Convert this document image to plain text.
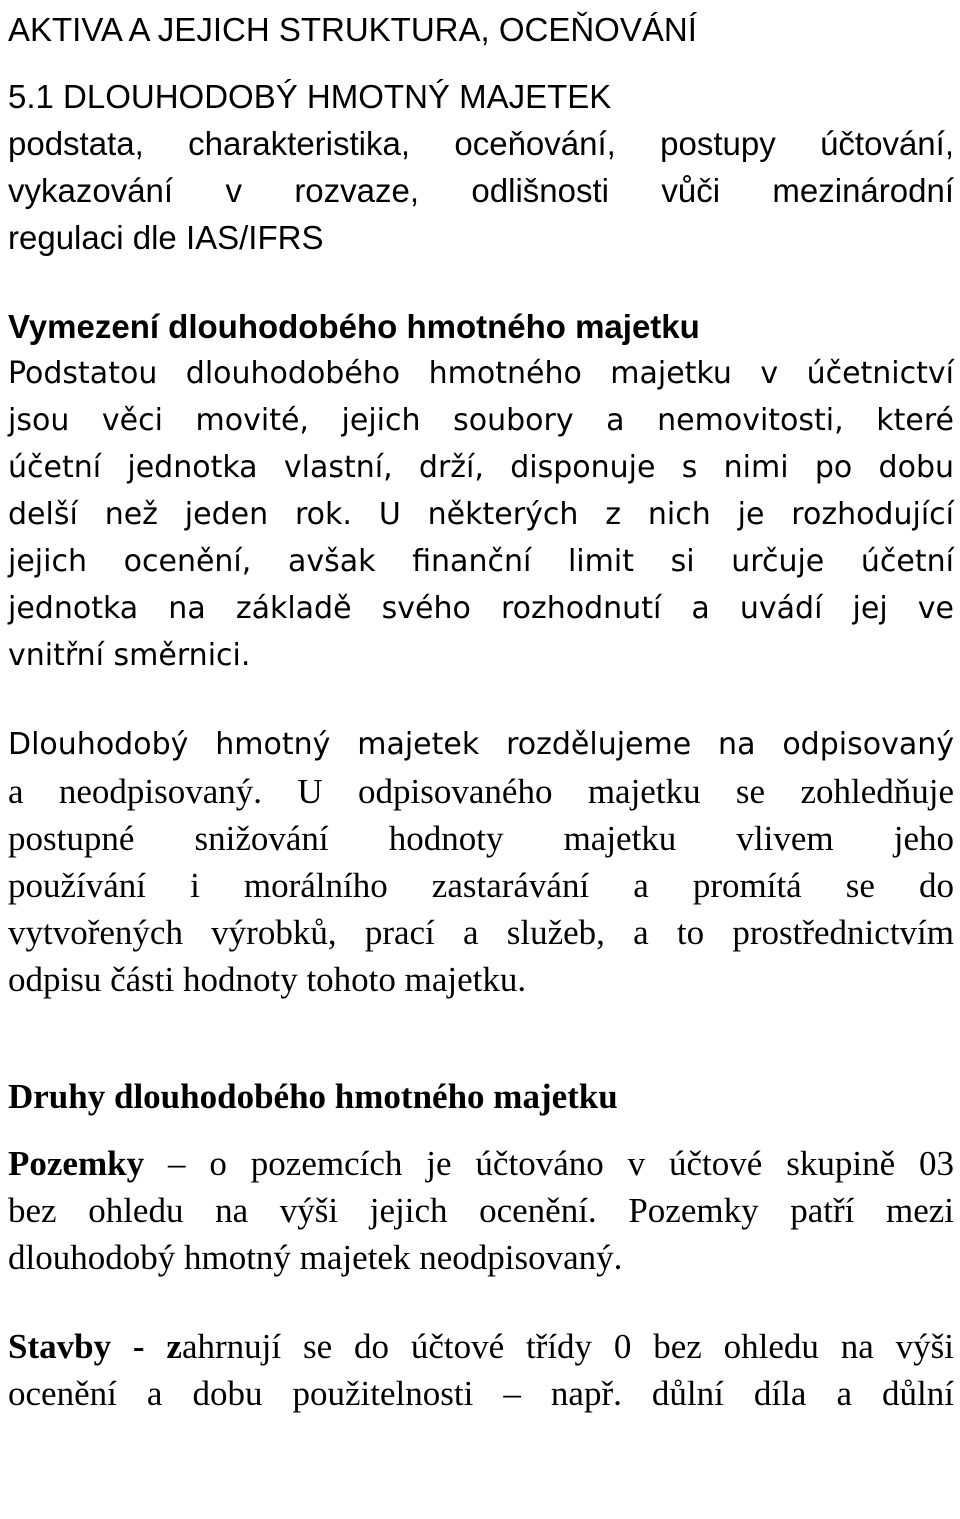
AKTIVA A JEJICH STRUKTURA, OCEŇOVÁNÍ
5.1 DLOUHODOBÝ HMOTNÝ MAJETEK
podstata, charakteristika, oceňování, postupy účtování,
vykazování v rozvaze, odlišnosti vůči mezinárodní
regulaci dle IAS/IFRS
Vymezení dlouhodobého hmotného majetku
Podstatou dlouhodobého hmotného majetku v účetnictví
jsou věci movité, jejich soubory a nemovitosti, které
účetní jednotka vlastní, drží, disponuje s nimi po dobu
delší než jeden rok. U některých z nich je rozhodující
jejich ocenění, avšak finanční limit si určuje účetní
jednotka na základě svého rozhodnutí a uvádí jej ve
vnitřní směrnici.
Dlouhodobý hmotný majetek rozdělujeme na odpisovaný
a neodpisovaný. U odpisovaného majetku se zohledňuje
postupné snižování hodnoty majetku vlivem jeho
používání i morálního zastarávání a promítá se do
vytvořených výrobků, prací a služeb, a to prostřednictvím
odpisu části hodnoty tohoto majetku.
Druhy dlouhodobého hmotného majetku
Pozemky – o pozemcích je účtováno v účtové skupině 03
bez ohledu na výši jejich ocenění. Pozemky patří mezi
dlouhodobý hmotný majetek neodpisovaný.
Stavby - zahrnují se do účtové třídy 0 bez ohledu na výši
ocenění a dobu použitelnosti – např. důlní díla a důlní
